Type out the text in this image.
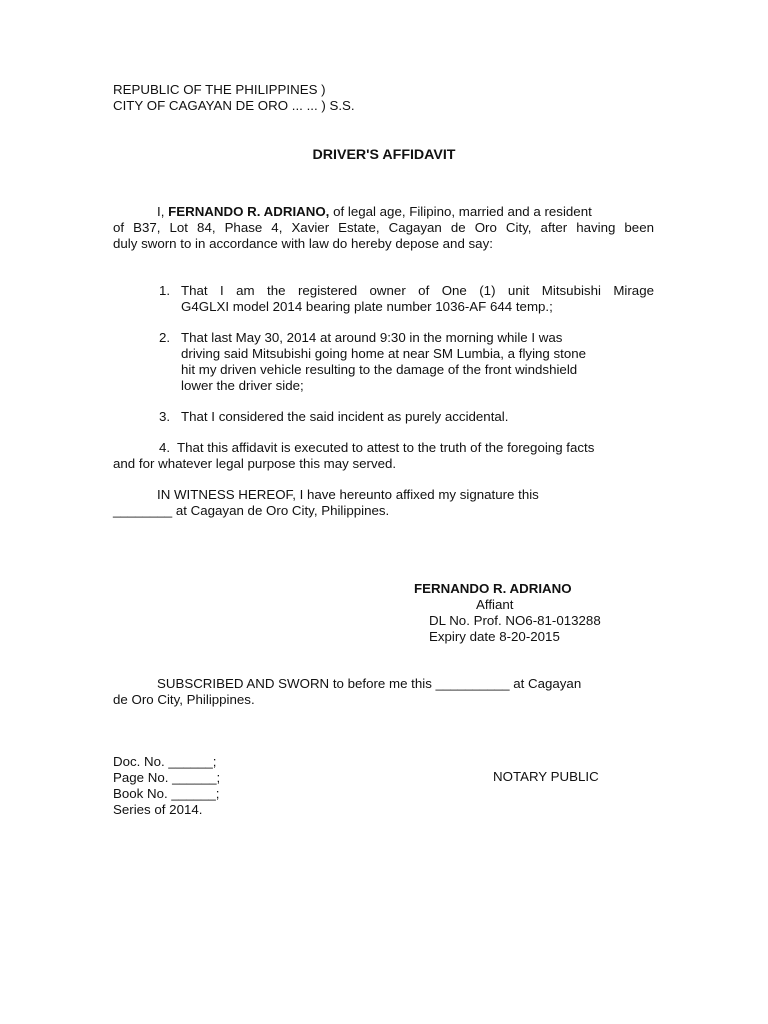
REPUBLIC OF THE PHILIPPINES )
CITY OF CAGAYAN DE ORO ... ... ) S.S.
DRIVER'S AFFIDAVIT
I, FERNANDO R. ADRIANO, of legal age, Filipino, married and a resident
of B37, Lot 84, Phase 4, Xavier Estate, Cagayan de Oro City, after having been
duly sworn to in accordance with law do hereby depose and say:
1. That I am the registered owner of One (1) unit Mitsubishi Mirage
G4GLXI model 2014 bearing plate number 1036-AF 644 temp.;
2. That last May 30, 2014 at around 9:30 in the morning while I was
driving said Mitsubishi going home at near SM Lumbia, a flying stone
hit my driven vehicle resulting to the damage of the front windshield
lower the driver side;
3. That I considered the said incident as purely accidental.
4. That this affidavit is executed to attest to the truth of the foregoing facts
and for whatever legal purpose this may served.
IN WITNESS HEREOF, I have hereunto affixed my signature this
________ at Cagayan de Oro City, Philippines.
FERNANDO R. ADRIANO
Affiant
DL No. Prof. NO6-81-013288
Expiry date 8-20-2015
SUBSCRIBED AND SWORN to before me this __________ at Cagayan
de Oro City, Philippines.
Doc. No. ______;
Page No. ______;
Book No. ______;
Series of 2014.
NOTARY PUBLIC
